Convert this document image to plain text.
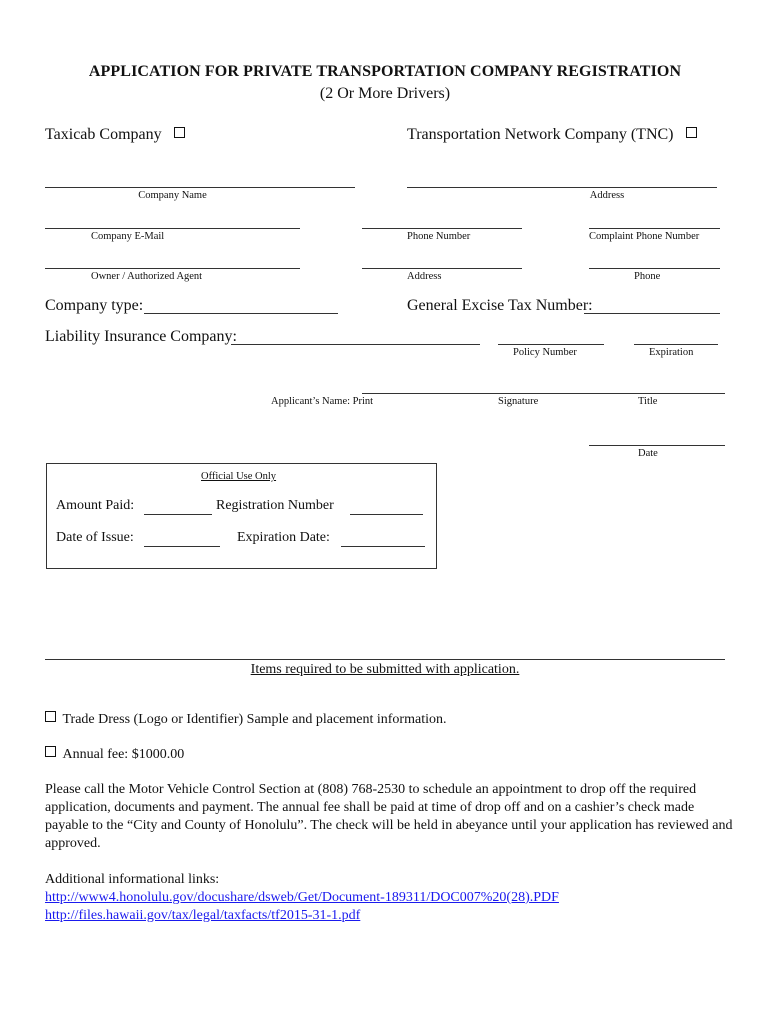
APPLICATION FOR PRIVATE TRANSPORTATION COMPANY REGISTRATION
(2 Or More Drivers)
Taxicab Company	Transportation Network Company (TNC)
Company Name	Address
Company E-Mail	Phone Number	Complaint Phone Number
Owner / Authorized Agent	Address	Phone
Company type:	General Excise Tax Number:
Liability Insurance Company:
Policy Number	Expiration
Applicant’s Name: Print	Signature	Title
Date
Official Use Only
Amount Paid:	Registration Number
Date of Issue:	Expiration Date:
Items required to be submitted with application.
Trade Dress (Logo or Identifier) Sample and placement information.
Annual fee: $1000.00
Please call the Motor Vehicle Control Section at (808) 768-2530 to schedule an appointment to drop off the required application, documents and payment. The annual fee shall be paid at time of drop off and on a cashier’s check made payable to the “City and County of Honolulu”. The check will be held in abeyance until your application has reviewed and approved.
Additional informational links:
http://www4.honolulu.gov/docushare/dsweb/Get/Document-189311/DOC007%20(28).PDF
http://files.hawaii.gov/tax/legal/taxfacts/tf2015-31-1.pdf
